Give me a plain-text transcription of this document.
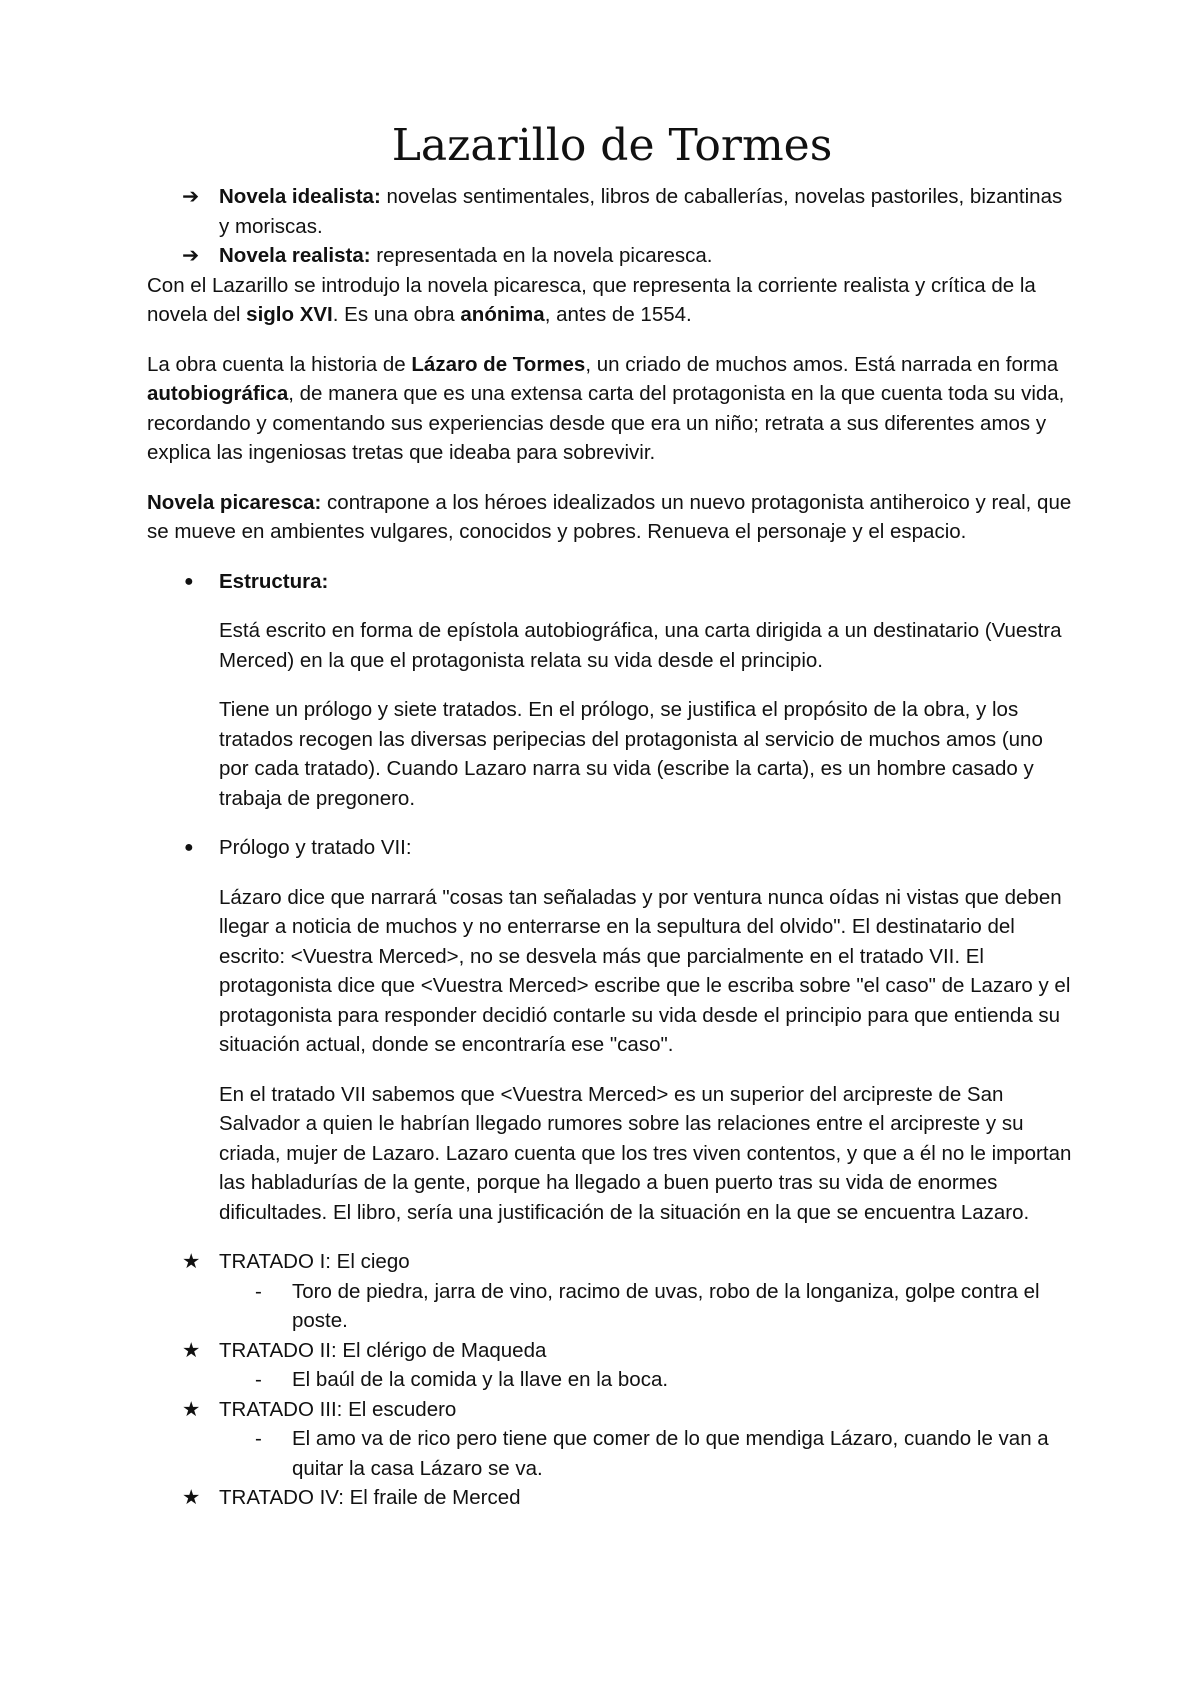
Lazarillo de Tormes
➔ Novela idealista: novelas sentimentales, libros de caballerías, novelas pastoriles, bizantinas y moriscas.
➔ Novela realista: representada en la novela picaresca.

Con el Lazarillo se introdujo la novela picaresca, que representa la corriente realista y crítica de la novela del siglo XVI. Es una obra anónima, antes de 1554.

La obra cuenta la historia de Lázaro de Tormes, un criado de muchos amos. Está narrada en forma autobiográfica, de manera que es una extensa carta del protagonista en la que cuenta toda su vida, recordando y comentando sus experiencias desde que era un niño; retrata a sus diferentes amos y explica las ingeniosas tretas que ideaba para sobrevivir.

Novela picaresca: contrapone a los héroes idealizados un nuevo protagonista antiheroico y real, que se mueve en ambientes vulgares, conocidos y pobres. Renueva el personaje y el espacio.

● Estructura:

Está escrito en forma de epístola autobiográfica, una carta dirigida a un destinatario (Vuestra Merced) en la que el protagonista relata su vida desde el principio.

Tiene un prólogo y siete tratados. En el prólogo, se justifica el propósito de la obra, y los tratados recogen las diversas peripecias del protagonista al servicio de muchos amos (uno por cada tratado). Cuando Lazaro narra su vida (escribe la carta), es un hombre casado y trabaja de pregonero.

● Prólogo y tratado VII:

Lázaro dice que narrará "cosas tan señaladas y por ventura nunca oídas ni vistas que deben llegar a noticia de muchos y no enterrarse en la sepultura del olvido". El destinatario del escrito: <Vuestra Merced>, no se desvela más que parcialmente en el tratado VII. El protagonista dice que <Vuestra Merced> escribe que le escriba sobre "el caso" de Lazaro y el protagonista para responder decidió contarle su vida desde el principio para que entienda su situación actual, donde se encontraría ese "caso".

En el tratado VII sabemos que <Vuestra Merced> es un superior del arcipreste de San Salvador a quien le habrían llegado rumores sobre las relaciones entre el arcipreste y su criada, mujer de Lazaro. Lazaro cuenta que los tres viven contentos, y que a él no le importan las habladurías de la gente, porque ha llegado a buen puerto tras su vida de enormes dificultades. El libro, sería una justificación de la situación en la que se encuentra Lazaro.

★ TRATADO I: El ciego
- Toro de piedra, jarra de vino, racimo de uvas, robo de la longaniza, golpe contra el poste.
★ TRATADO II: El clérigo de Maqueda
- El baúl de la comida y la llave en la boca.
★ TRATADO III: El escudero
- El amo va de rico pero tiene que comer de lo que mendiga Lázaro, cuando le van a quitar la casa Lázaro se va.
★ TRATADO IV: El fraile de Merced
